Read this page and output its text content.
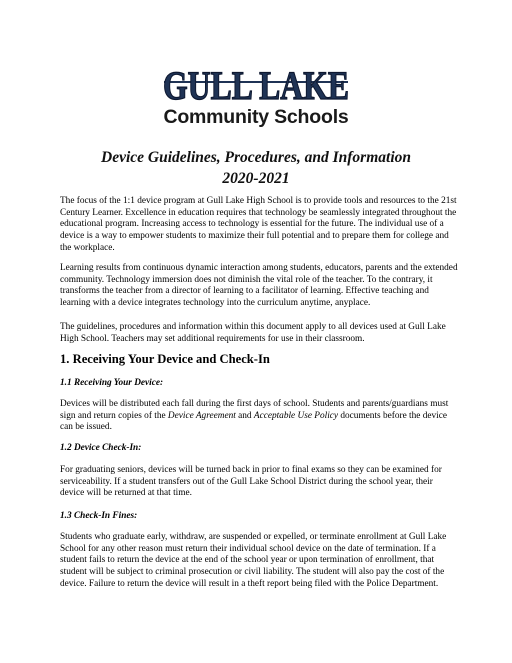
GULL LAKE
Community Schools
Device Guidelines, Procedures, and Information
2020-2021

The focus of the 1:1 device program at Gull Lake High School is to provide tools and resources to the 21st Century Learner. Excellence in education requires that technology be seamlessly integrated throughout the educational program. Increasing access to technology is essential for the future. The individual use of a device is a way to empower students to maximize their full potential and to prepare them for college and the workplace.

Learning results from continuous dynamic interaction among students, educators, parents and the extended community. Technology immersion does not diminish the vital role of the teacher. To the contrary, it transforms the teacher from a director of learning to a facilitator of learning. Effective teaching and learning with a device integrates technology into the curriculum anytime, anyplace.

The guidelines, procedures and information within this document apply to all devices used at Gull Lake High School. Teachers may set additional requirements for use in their classroom.

1. Receiving Your Device and Check-In
1.1 Receiving Your Device:

Devices will be distributed each fall during the first days of school. Students and parents/guardians must sign and return copies of the Device Agreement and Acceptable Use Policy documents before the device can be issued.

1.2 Device Check-In:

For graduating seniors, devices will be turned back in prior to final exams so they can be examined for serviceability. If a student transfers out of the Gull Lake School District during the school year, their device will be returned at that time.

1.3 Check-In Fines:

Students who graduate early, withdraw, are suspended or expelled, or terminate enrollment at Gull Lake School for any other reason must return their individual school device on the date of termination. If a student fails to return the device at the end of the school year or upon termination of enrollment, that student will be subject to criminal prosecution or civil liability. The student will also pay the cost of the device. Failure to return the device will result in a theft report being filed with the Police Department.
